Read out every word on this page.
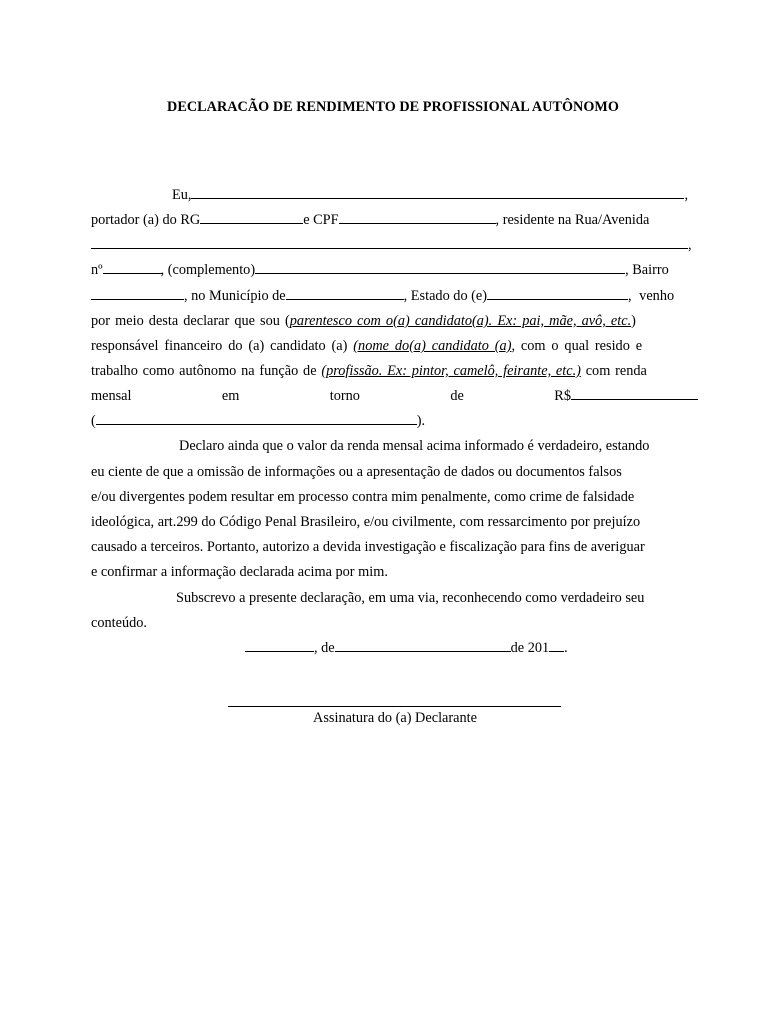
DECLARACÃO DE RENDIMENTO DE PROFISSIONAL AUTÔNOMO
Eu,	,
portador (a) do RG	e CPF	, residente na Rua/Avenida
,
nº	, (complemento)	, Bairro
, no Município de	, Estado do (e)	, venho
por meio desta declarar que sou (parentesco com o(a) candidato(a). Ex: pai, mãe, avô, etc.)
responsável financeiro do (a) candidato (a) (nome do(a) candidato (a), com o qual resido e
trabalho como autônomo na função de (profissão. Ex: pintor, camelô, feirante, etc.) com renda
mensal	em	torno	de	R$
(	).
Declaro ainda que o valor da renda mensal acima informado é verdadeiro, estando
eu ciente de que a omissão de informações ou a apresentação de dados ou documentos falsos
e/ou divergentes podem resultar em processo contra mim penalmente, como crime de falsidade
ideológica, art.299 do Código Penal Brasileiro, e/ou civilmente, com ressarcimento por prejuízo
causado a terceiros. Portanto, autorizo a devida investigação e fiscalização para fins de averiguar
e confirmar a informação declarada acima por mim.
Subscrevo a presente declaração, em uma via, reconhecendo como verdadeiro seu
conteúdo.
, de	de 201 .
Assinatura do (a) Declarante
